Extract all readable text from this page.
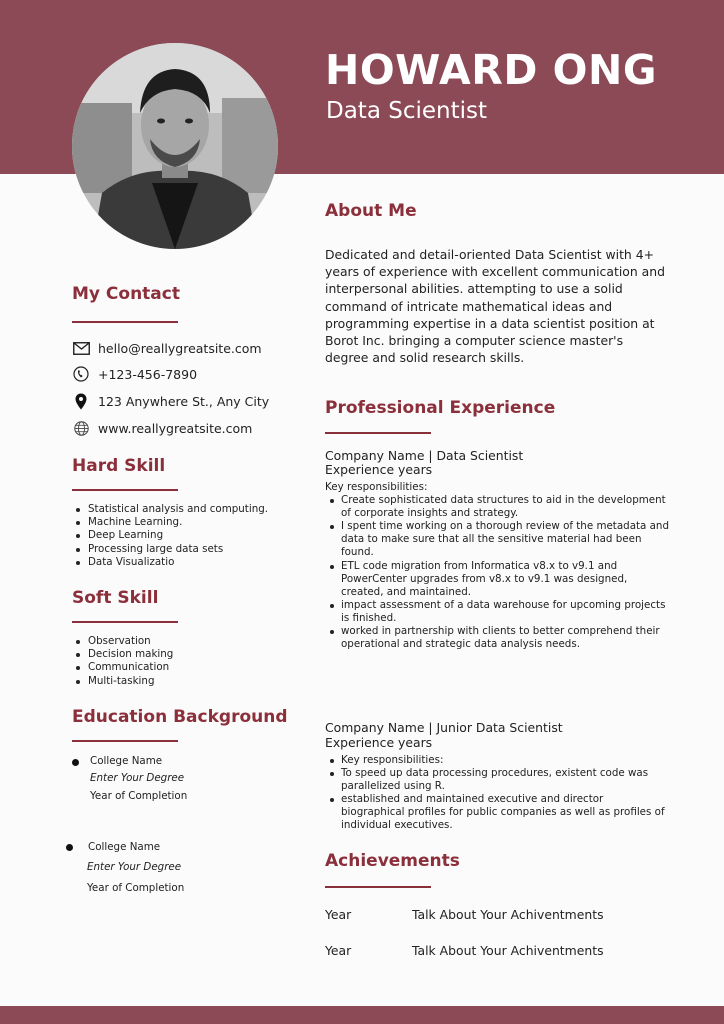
HOWARD ONG
Data Scientist
My Contact
hello@reallygreatsite.com
+123-456-7890
123 Anywhere St., Any City
www.reallygreatsite.com
Hard Skill
Statistical analysis and computing.
Machine Learning.
Deep Learning
Processing large data sets
Data Visualizatio
Soft Skill
Observation
Decision making
Communication
Multi-tasking
Education Background
College Name
Enter Your Degree
Year of Completion
College Name
Enter Your Degree
Year of Completion
About Me
Dedicated and detail-oriented Data Scientist with 4+ years of experience with excellent communication and interpersonal abilities. attempting to use a solid command of intricate mathematical ideas and programming expertise in a data scientist position at Borot Inc. bringing a computer science master's degree and solid research skills.
Professional Experience
Company Name | Data Scientist
Experience years
Key responsibilities:
Create sophisticated data structures to aid in the development of corporate insights and strategy.
I spent time working on a thorough review of the metadata and data to make sure that all the sensitive material had been found.
ETL code migration from Informatica v8.x to v9.1 and PowerCenter upgrades from v8.x to v9.1 was designed, created, and maintained.
impact assessment of a data warehouse for upcoming projects is finished.
worked in partnership with clients to better comprehend their operational and strategic data analysis needs.
Company Name | Junior Data Scientist
Experience years
Key responsibilities:
To speed up data processing procedures, existent code was parallelized using R.
established and maintained executive and director biographical profiles for public companies as well as profiles of individual executives.
Achievements
Year	Talk About Your Achiventments
Year	Talk About Your Achiventments
